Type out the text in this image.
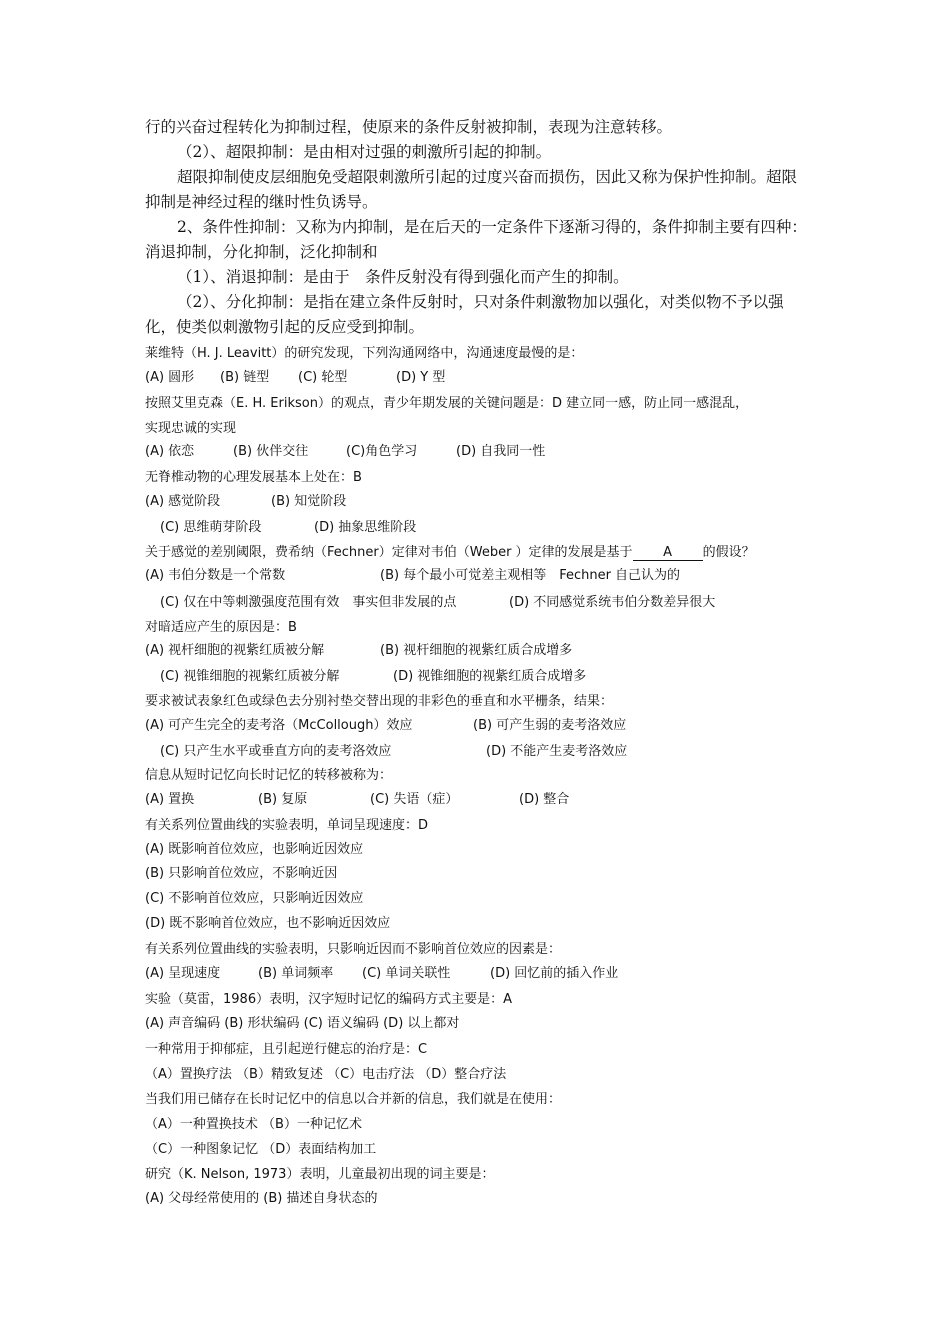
行的兴奋过程转化为抑制过程，使原来的条件反射被抑制，表现为注意转移。
（2）、超限抑制：是由相对过强的刺激所引起的抑制。
超限抑制使皮层细胞免受超限刺激所引起的过度兴奋而损伤，因此又称为保护性抑制。超限抑制是神经过程的继时性负诱导。
2、条件性抑制：又称为内抑制，是在后天的一定条件下逐渐习得的，条件抑制主要有四种：消退抑制，分化抑制，泛化抑制和
（1）、消退抑制：是由于　条件反射没有得到强化而产生的抑制。
（2）、分化抑制：是指在建立条件反射时，只对条件刺激物加以强化，对类似物不予以强化，使类似刺激物引起的反应受到抑制。
莱维特（H. J. Leavitt）的研究发现，下列沟通网络中，沟通速度最慢的是：
(A) 圆形 (B) 链型 (C) 轮型	(D) Y 型
按照艾里克森（E. H. Erikson）的观点，青少年期发展的关键问题是：D 建立同一感，防止同一感混乱，
实现忠诚的实现
(A) 依恋	(B) 伙伴交往	(C)角色学习	(D) 自我同一性
无脊椎动物的心理发展基本上处在：B
(A) 感觉阶段	(B) 知觉阶段
(C) 思维萌芽阶段	(D) 抽象思维阶段
关于感觉的差别阈限，费希纳（Fechner）定律对韦伯（Weber ）定律的发展是基于 A 的假设？
(A) 韦伯分数是一个常数	(B) 每个最小可觉差主观相等　Fechner 自己认为的
(C) 仅在中等刺激强度范围有效　事实但非发展的点	(D) 不同感觉系统韦伯分数差异很大
对暗适应产生的原因是：B
(A) 视杆细胞的视紫红质被分解	(B) 视杆细胞的视紫红质合成增多
(C) 视锥细胞的视紫红质被分解	(D) 视锥细胞的视紫红质合成增多
要求被试表象红色或绿色去分别衬垫交替出现的非彩色的垂直和水平栅条，结果：
(A) 可产生完全的麦考洛（McCollough）效应	(B) 可产生弱的麦考洛效应
(C) 只产生水平或垂直方向的麦考洛效应	(D) 不能产生麦考洛效应
信息从短时记忆向长时记忆的转移被称为：
(A) 置换	(B) 复原	(C) 失语（症）	(D) 整合
有关系列位置曲线的实验表明，单词呈现速度：D
(A) 既影响首位效应，也影响近因效应
(B) 只影响首位效应，不影响近因
(C) 不影响首位效应，只影响近因效应
(D) 既不影响首位效应，也不影响近因效应
有关系列位置曲线的实验表明，只影响近因而不影响首位效应的因素是：
(A) 呈现速度	(B) 单词频率 (C) 单词关联性	(D) 回忆前的插入作业
实验（莫雷，1986）表明，汉字短时记忆的编码方式主要是：A
(A) 声音编码 (B) 形状编码 (C) 语义编码 (D) 以上都对
一种常用于抑郁症，且引起逆行健忘的治疗是：C
（A）置换疗法 （B）精致复述 （C）电击疗法 （D）整合疗法
当我们用已储存在长时记忆中的信息以合并新的信息，我们就是在使用：
（A）一种置换技术 （B）一种记忆术
（C）一种图象记忆 （D）表面结构加工
研究（K. Nelson, 1973）表明，儿童最初出现的词主要是：
(A) 父母经常使用的 (B) 描述自身状态的
